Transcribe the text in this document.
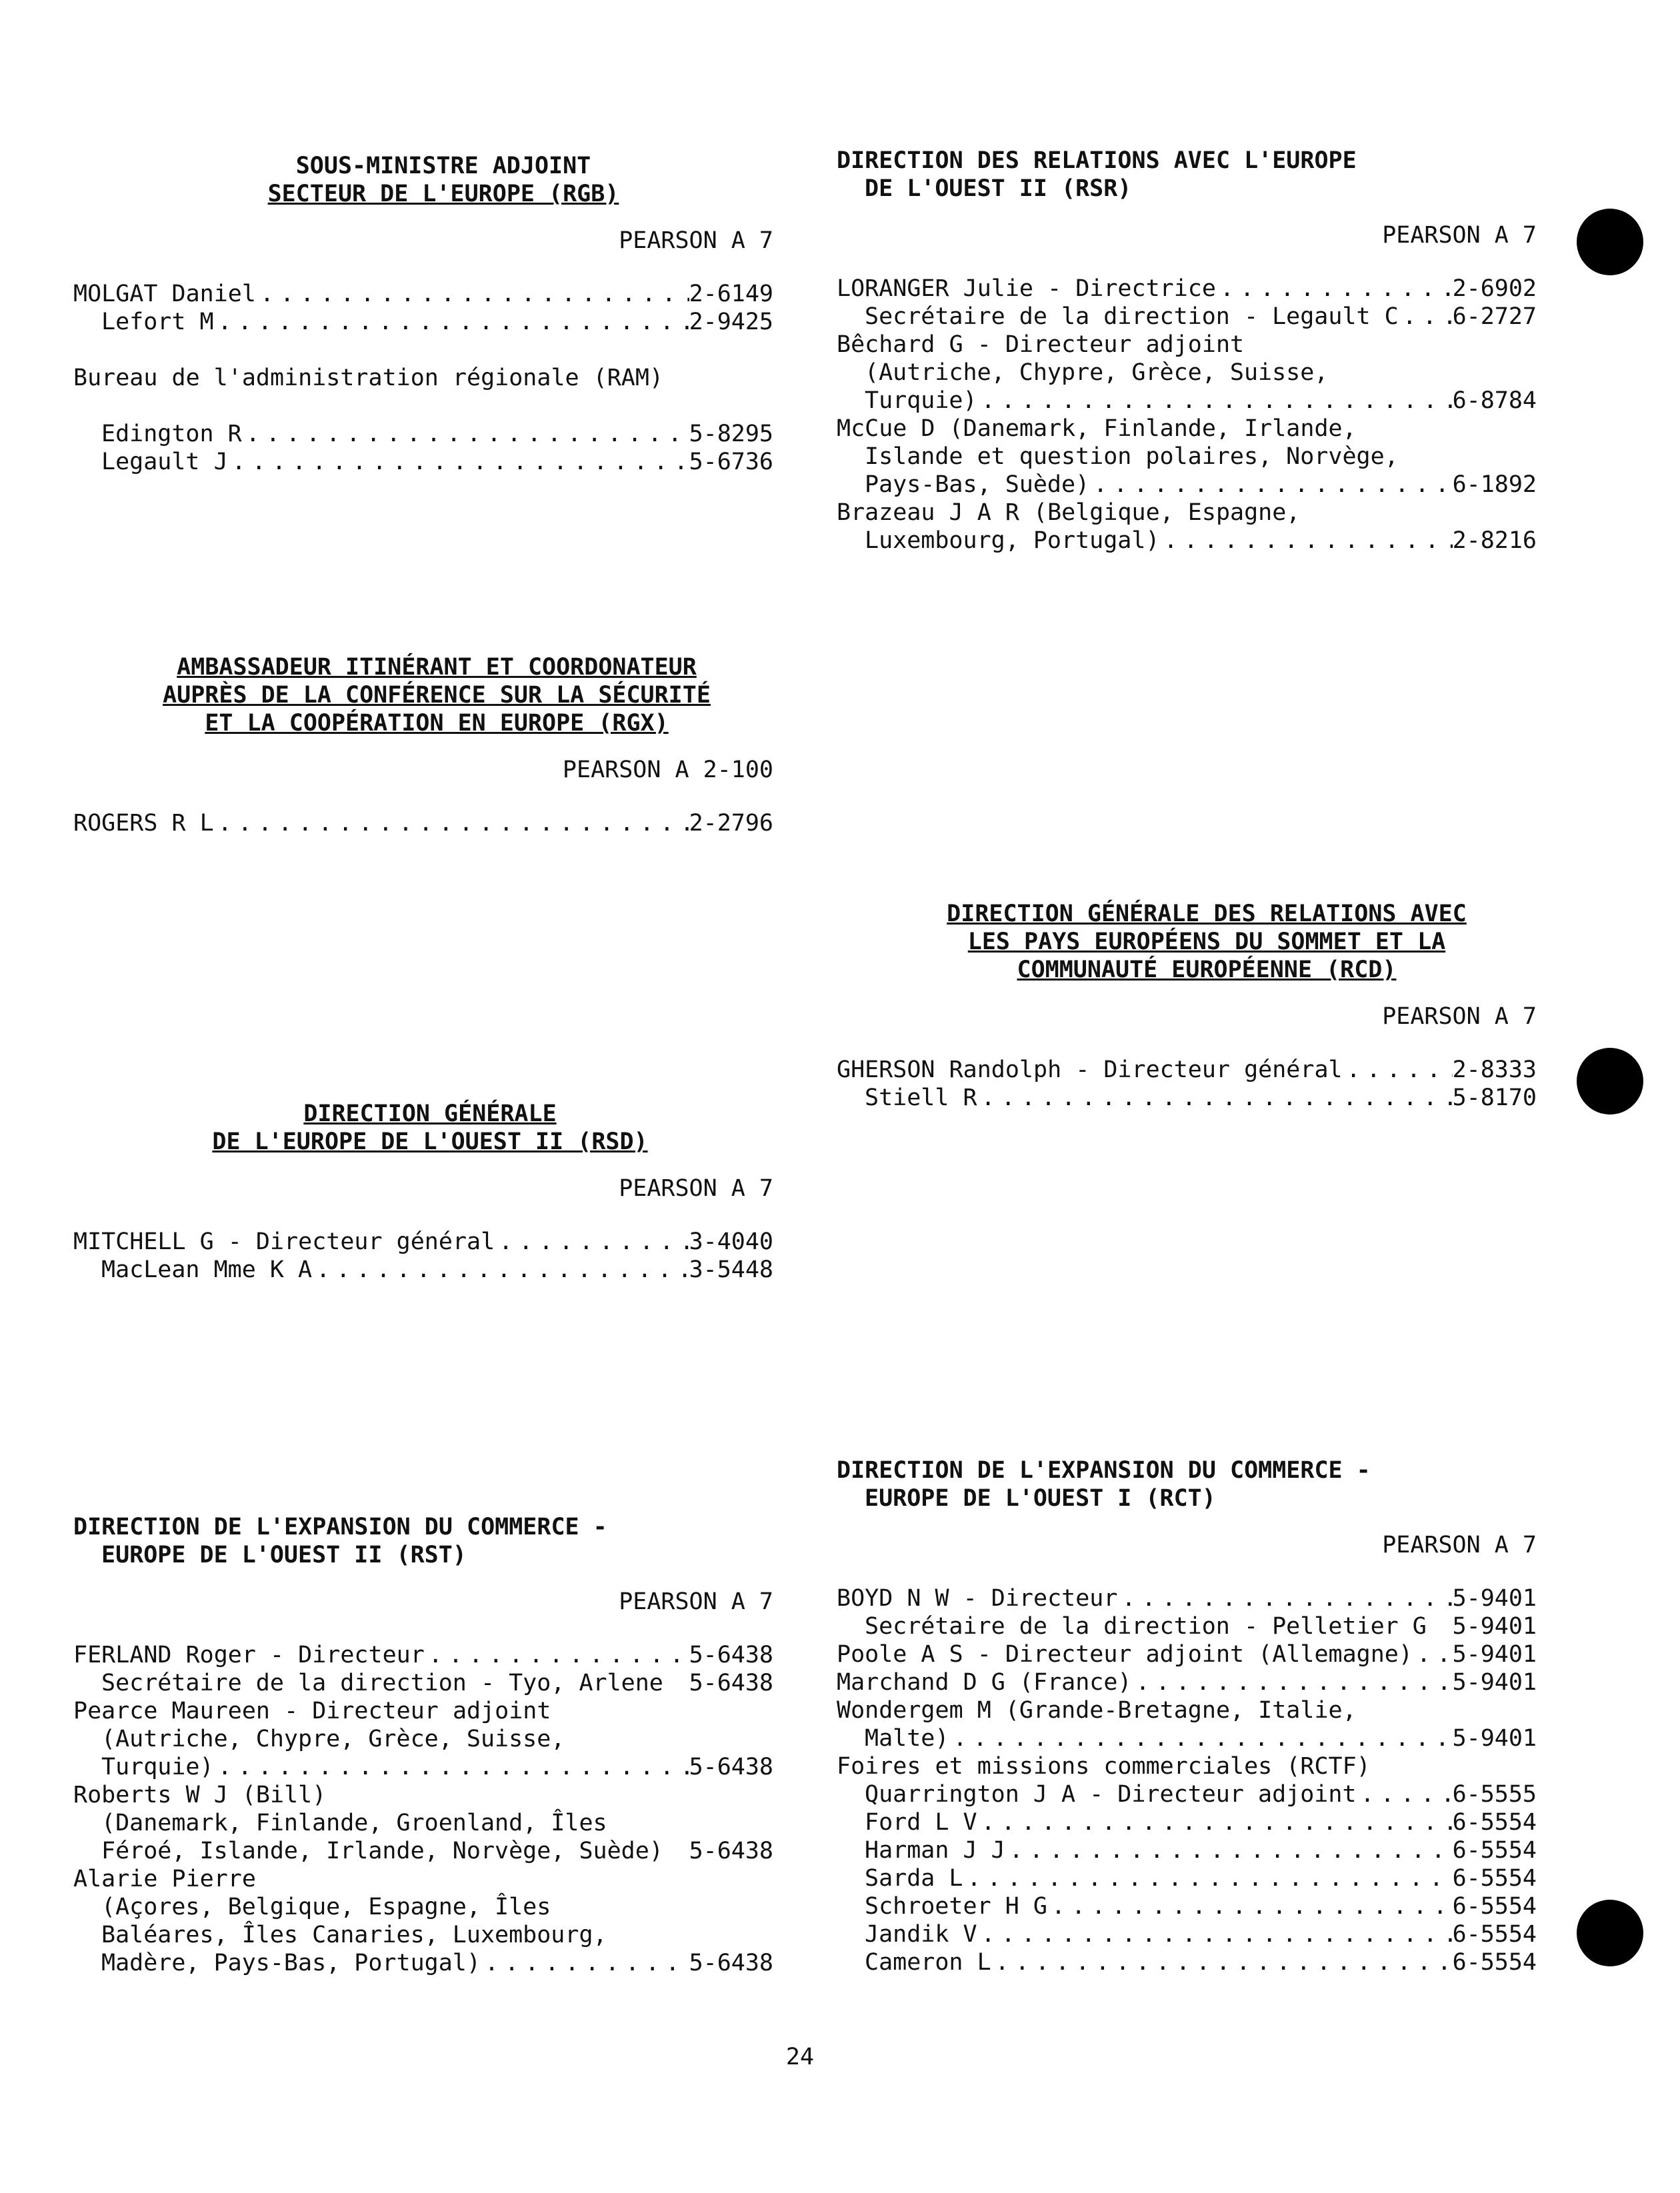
SOUS-MINISTRE ADJOINT
SECTEUR DE L'EUROPE (RGB)
PEARSON A 7
MOLGAT Daniel . . .	2-6149
Lefort M . . .	2-9425
Bureau de l'administration régionale (RAM)
Edington R . . .	5-8295
Legault J . . .	5-6736
AMBASSADEUR ITINÉRANT ET COORDONATEUR
AUPRÈS DE LA CONFÉRENCE SUR LA SÉCURITÉ
ET LA COOPÉRATION EN EUROPE (RGX)
PEARSON A 2-100
ROGERS R L . . .	2-2796
DIRECTION GÉNÉRALE
DE L'EUROPE DE L'OUEST II (RSD)
PEARSON A 7
MITCHELL G - Directeur général . . .	3-4040
MacLean Mme K A . . .	3-5448
DIRECTION DE L'EXPANSION DU COMMERCE -
EUROPE DE L'OUEST II (RST)
PEARSON A 7
FERLAND Roger - Directeur . . .	5-6438
Secrétaire de la direction - Tyo, Arlene 5-6438
Pearce Maureen - Directeur adjoint
(Autriche, Chypre, Grèce, Suisse,
Turquie) . . .	5-6438
Roberts W J (Bill)
(Danemark, Finlande, Groenland, Îles
Féroé, Islande, Irlande, Norvège, Suède) 5-6438
Alarie Pierre
(Açores, Belgique, Espagne, Îles
Baléares, Îles Canaries, Luxembourg,
Madère, Pays-Bas, Portugal) . . .	5-6438
DIRECTION DES RELATIONS AVEC L'EUROPE
DE L'OUEST II (RSR)
PEARSON A 7
LORANGER Julie - Directrice . . .	2-6902
Secrétaire de la direction - Legault C . . . 6-2727
Bêchard G - Directeur adjoint
(Autriche, Chypre, Grèce, Suisse,
Turquie) . . .	6-8784
McCue D (Danemark, Finlande, Irlande,
Islande et question polaires, Norvège,
Pays-Bas, Suède) . . .	6-1892
Brazeau J A R (Belgique, Espagne,
Luxembourg, Portugal) . . .	2-8216
DIRECTION GÉNÉRALE DES RELATIONS AVEC
LES PAYS EUROPÉENS DU SOMMET ET LA
COMMUNAUTÉ EUROPÉENNE (RCD)
PEARSON A 7
GHERSON Randolph - Directeur général . . .	2-8333
Stiell R . . .	5-8170
DIRECTION DE L'EXPANSION DU COMMERCE -
EUROPE DE L'OUEST I (RCT)
PEARSON A 7
BOYD N W - Directeur . . .	5-9401
Secrétaire de la direction - Pelletier G 5-9401
Poole A S - Directeur adjoint (Allemagne) . . . 5-9401
Marchand D G (France) . . .	5-9401
Wondergem M (Grande-Bretagne, Italie,
Malte) . . .	5-9401
Foires et missions commerciales (RCTF)
Quarrington J A - Directeur adjoint . . .	6-5555
Ford L V . . .	6-5554
Harman J J . . .	6-5554
Sarda L . . .	6-5554
Schroeter H G . . .	6-5554
Jandik V . . .	6-5554
Cameron L . . .	6-5554
24
